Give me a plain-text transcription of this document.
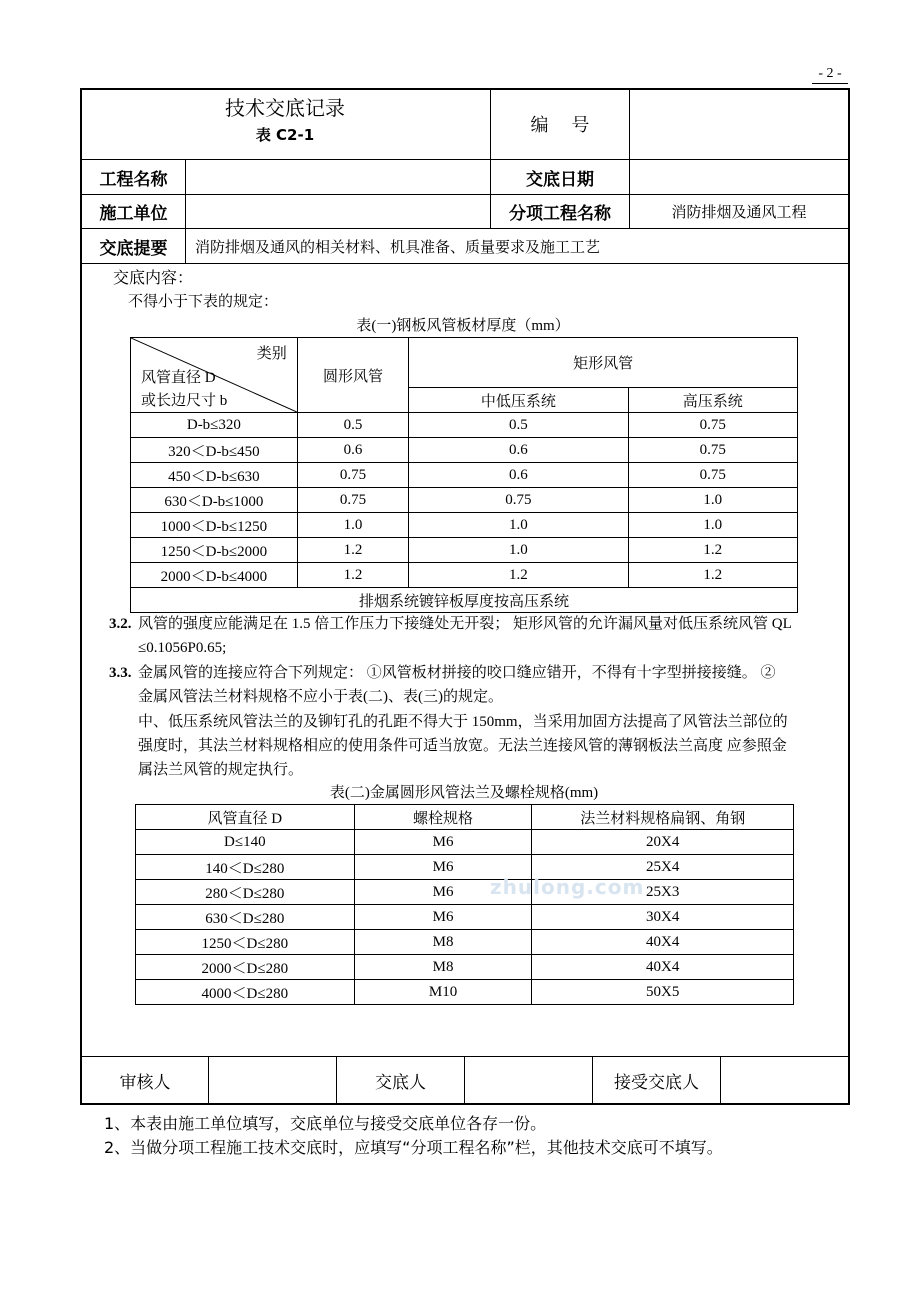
- 2 -
技术交底记录
表 C2-1	编    号
工程名称	交底日期
施工单位	分项工程名称	消防排烟及通风工程
交底提要	消防排烟及通风的相关材料、机具准备、质量要求及施工工艺
交底内容：
不得小于下表的规定：
表(一)钢板风管板材厚度（mm）
类别
风管直径 D
或长边尺寸 b	圆形风管	矩形风管	
		中低压系统	高压系统
D-b≤320	0.5	0.5	0.75
320＜D-b≤450	0.6	0.6	0.75
450＜D-b≤630	0.75	0.6	0.75
630＜D-b≤1000	0.75	0.75	1.0
1000＜D-b≤1250	1.0	1.0	1.0
1250＜D-b≤2000	1.2	1.0	1.2
2000＜D-b≤4000	1.2	1.2	1.2
排烟系统镀锌板厚度按高压系统			
3.2. 风管的强度应能满足在 1.5 倍工作压力下接缝处无开裂； 矩形风管的允许漏风量对低压系统风管 QL
≤0.1056P0.65;
3.3. 金属风管的连接应符合下列规定： ①风管板材拼接的咬口缝应错开，不得有十字型拼接接缝。 ②
金属风管法兰材料规格不应小于表(二)、表(三)的规定。
中、低压系统风管法兰的及铆钉孔的孔距不得大于 150mm，当采用加固方法提高了风管法兰部位的
强度时，其法兰材料规格相应的使用条件可适当放宽。无法兰连接风管的薄钢板法兰高度 应参照金
属法兰风管的规定执行。
表(二)金属圆形风管法兰及螺栓规格(mm)
风管直径 D	螺栓规格	法兰材料规格扁钢、角钢
D≤140	M6	20X4
140＜D≤280	M6	25X4
280＜D≤280	M6	25X3
630＜D≤280	M6	30X4
1250＜D≤280	M8	40X4
2000＜D≤280	M8	40X4
4000＜D≤280	M10	50X5
zhulong.com
审核人	交底人	接受交底人
1、本表由施工单位填写，交底单位与接受交底单位各存一份。
2、当做分项工程施工技术交底时，应填写“分项工程名称”栏，其他技术交底可不填写。
